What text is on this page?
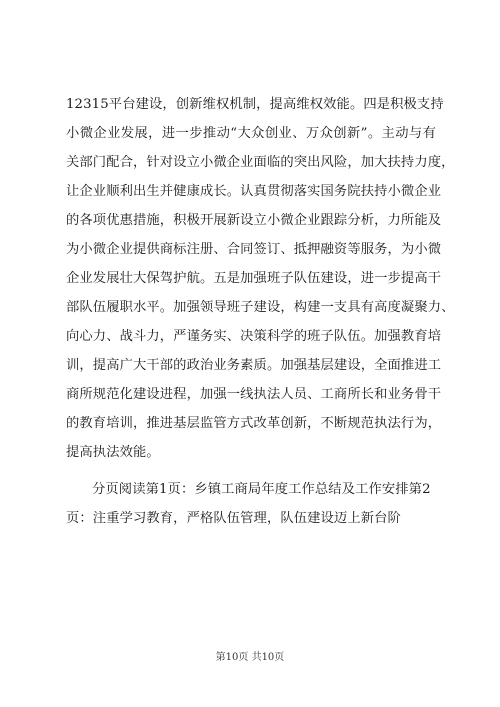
12315平台建设，创新维权机制，提高维权效能。四是积极支持
小微企业发展，进一步推动“大众创业、万众创新”。主动与有
关部门配合，针对设立小微企业面临的突出风险，加大扶持力度，
让企业顺利出生并健康成长。认真贯彻落实国务院扶持小微企业
的各项优惠措施，积极开展新设立小微企业跟踪分析，力所能及
为小微企业提供商标注册、合同签订、抵押融资等服务，为小微
企业发展壮大保驾护航。五是加强班子队伍建设，进一步提高干
部队伍履职水平。加强领导班子建设，构建一支具有高度凝聚力、
向心力、战斗力，严谨务实、决策科学的班子队伍。加强教育培
训，提高广大干部的政治业务素质。加强基层建设，全面推进工
商所规范化建设进程，加强一线执法人员、工商所长和业务骨干
的教育培训，推进基层监管方式改革创新，不断规范执法行为，
提高执法效能。
分页阅读第1页：乡镇工商局年度工作总结及工作安排第2
页：注重学习教育，严格队伍管理，队伍建设迈上新台阶
第10页 共10页
